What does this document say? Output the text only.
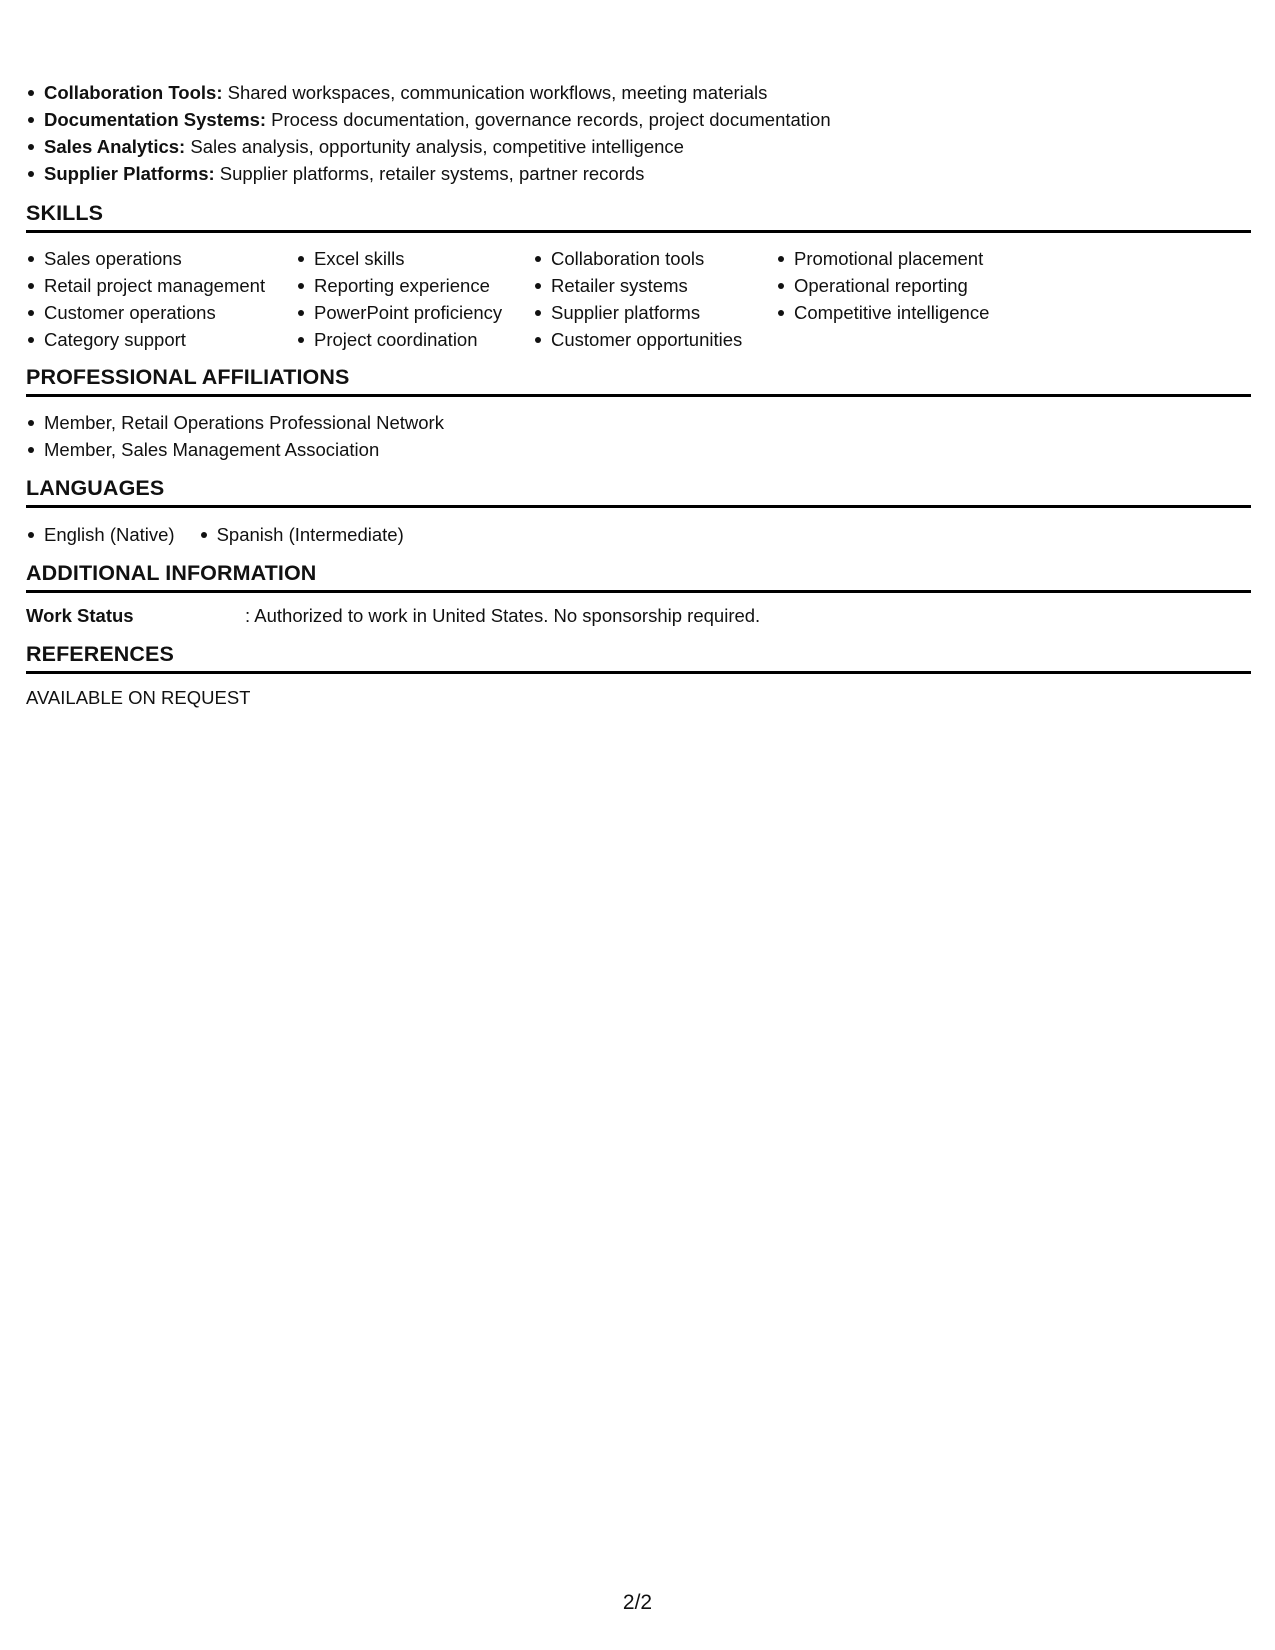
Collaboration Tools: Shared workspaces, communication workflows, meeting materials
Documentation Systems: Process documentation, governance records, project documentation
Sales Analytics: Sales analysis, opportunity analysis, competitive intelligence
Supplier Platforms: Supplier platforms, retailer systems, partner records
SKILLS
Sales operations
Retail project management
Customer operations
Category support
Excel skills
Reporting experience
PowerPoint proficiency
Project coordination
Collaboration tools
Retailer systems
Supplier platforms
Customer opportunities
Promotional placement
Operational reporting
Competitive intelligence
PROFESSIONAL AFFILIATIONS
Member, Retail Operations Professional Network
Member, Sales Management Association
LANGUAGES
English (Native)	Spanish (Intermediate)
ADDITIONAL INFORMATION
Work Status	: Authorized to work in United States. No sponsorship required.
REFERENCES
AVAILABLE ON REQUEST
2/2
